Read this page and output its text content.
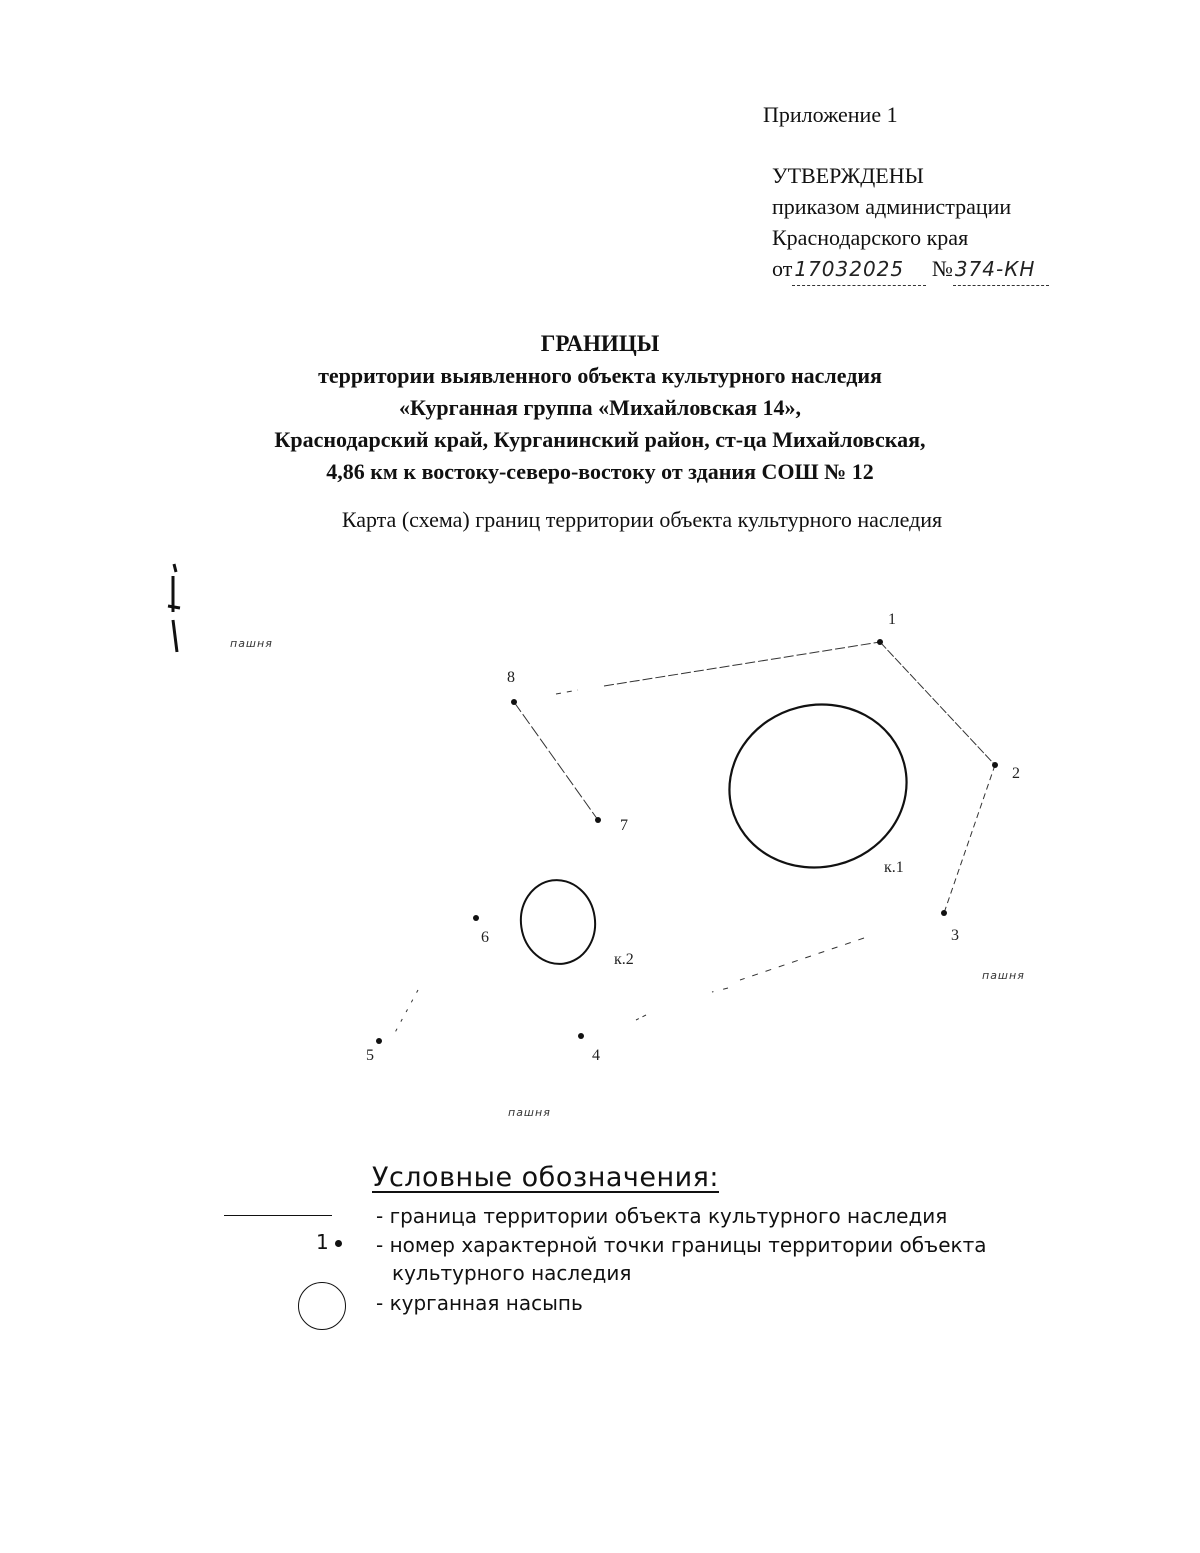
Приложение 1
УТВЕРЖДЕНЫ
приказом администрации
Краснодарского края
от 17032025 № 374-КН
ГРАНИЦЫ
территории выявленного объекта культурного наследия
«Курганная группа «Михайловская 14»,
Краснодарский край, Курганинский район, ст-ца Михайловская,
4,86 км к востоку-северо-востоку от здания СОШ № 12
Карта (схема) границ территории объекта культурного наследия
1
2
3
4
5
6
7
8
к.1
к.2
пашня
пашня
пашня
Условные обозначения:
- граница территории объекта культурного наследия
1 - номер характерной точки границы территории объекта
культурного наследия
- курганная насыпь
